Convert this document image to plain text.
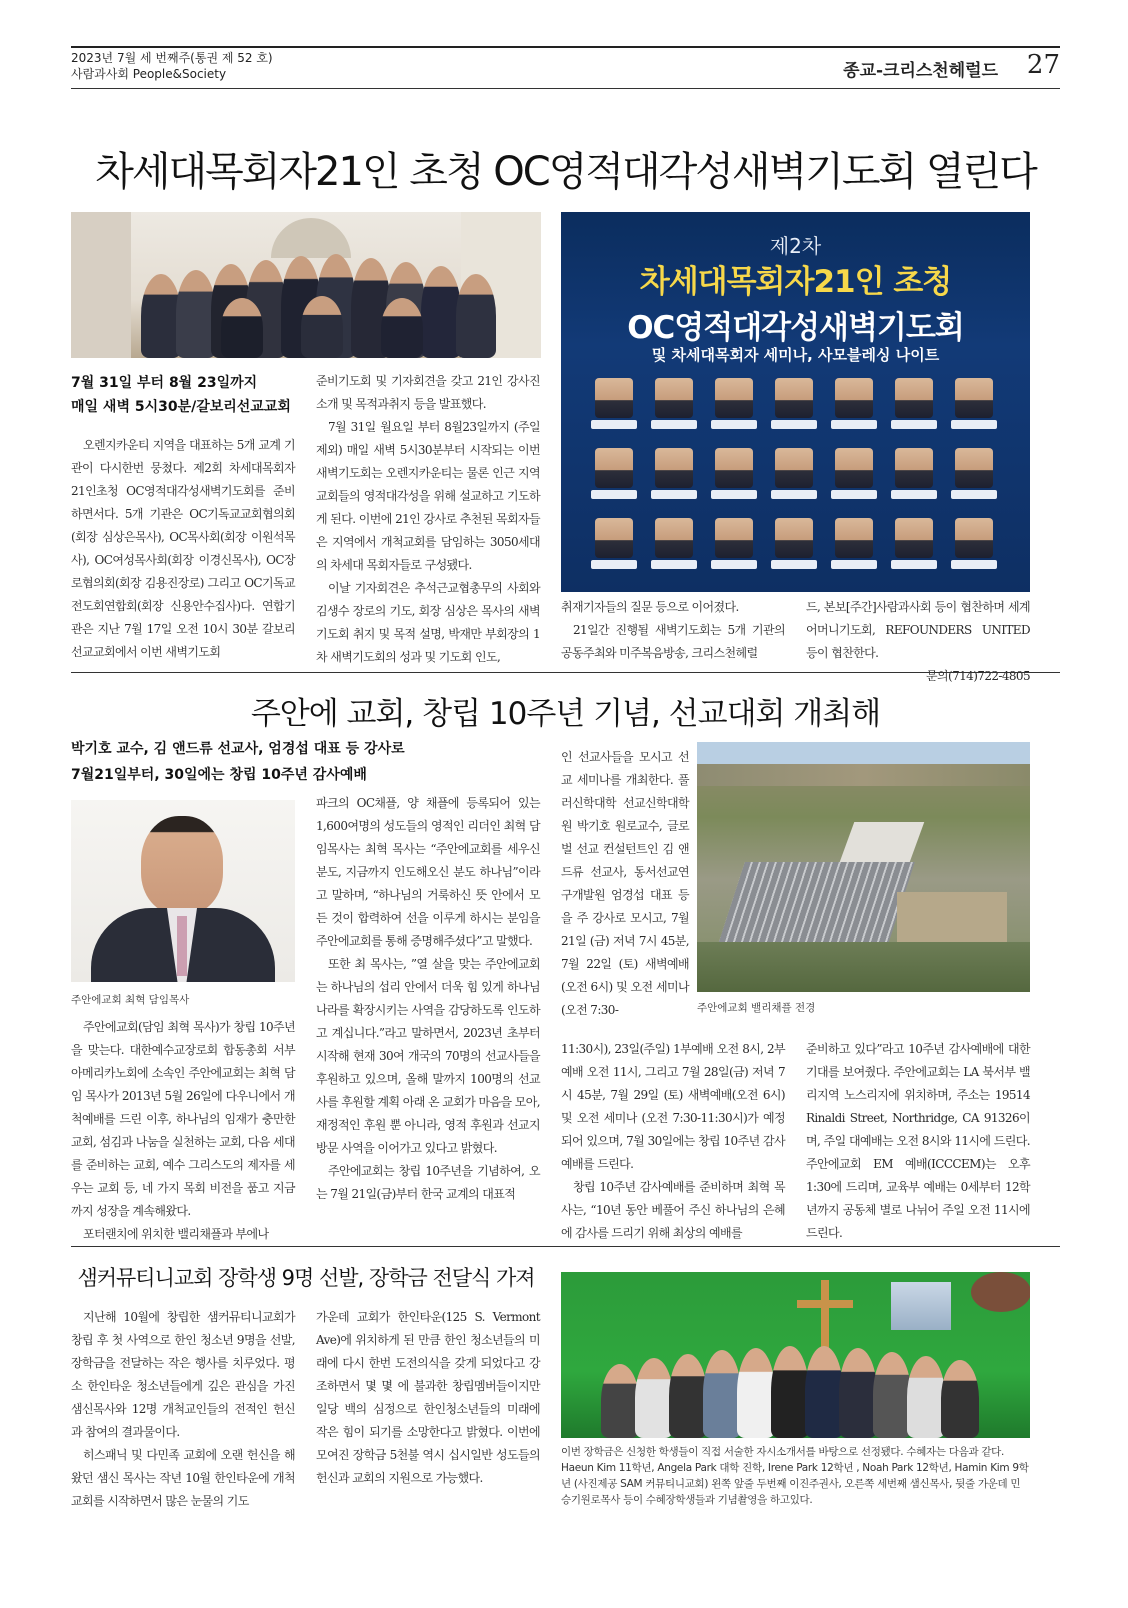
2023년 7월 세 번째주(통권 제 52 호)
사람과사회 People&Society	종교-크리스천헤럴드 27
차세대목회자21인 초청 OC영적대각성새벽기도회 열린다
7월 31일 부터 8월 23일까지
매일 새벽 5시30분/갈보리선교교회

오렌지카운티 지역을 대표하는 5개 교계 기관이 다시한번 뭉쳤다. 제2회 차세대목회자21인초청 OC영적대각성새벽기도회를 준비하면서다. 5개 기관은 OC기독교교회협의회(회장 심상은목사), OC목사회(회장 이원석목사), OC여성목사회(회장 이경신목사), OC장로협의회(회장 김용진장로) 그리고 OC기독교전도회연합회(회장 신용안수집사)다. 연합기관은 지난 7월 17일 오전 10시 30분 갈보리선교교회에서 이번 새벽기도회

준비기도회 및 기자회견을 갖고 21인 강사진 소개 및 목적과취지 등을 발표했다.

7월 31일 월요일 부터 8월23일까지 (주일 제외) 매일 새벽 5시30분부터 시작되는 이번 새벽기도회는 오렌지카운티는 물론 인근 지역 교회들의 영적대각성을 위해 설교하고 기도하게 된다. 이번에 21인 강사로 추천된 목회자들은 지역에서 개척교회를 담임하는 3050세대의 차세대 목회자들로 구성됐다.

이날 기자회견은 추석근교협총무의 사회와 김생수 장로의 기도, 회장 심상은 목사의 새벽기도회 취지 및 목적 설명, 박재만 부회장의 1차 새벽기도회의 성과 및 기도회 인도,

제2차
차세대목회자21인 초청
OC영적대각성새벽기도회
및 차세대목회자 세미나, 사모블레싱 나이트

취재기자들의 질문 등으로 이어졌다.

21일간 진행될 새벽기도회는 5개 기관의 공동주최와 미주복음방송, 크리스천헤럴

드, 본보[주간]사람과사회 등이 협찬하며 세계어머니기도회, REFOUNDERS UNITED 등이 협찬한다.

문의(714)722-4805

주안에 교회, 창립 10주년 기념, 선교대회 개최해
박기호 교수, 김 앤드류 선교사, 엄경섭 대표 등 강사로
7월21일부터, 30일에는 창립 10주년 감사예배
주안에교회 최혁 담임목사

주안에교회(담임 최혁 목사)가 창립 10주년을 맞는다. 대한예수교장로회 합동총회 서부아메리카노회에 소속인 주안에교회는 최혁 담임 목사가 2013년 5월 26일에 다우니에서 개척예배를 드린 이후, 하나님의 임재가 충만한 교회, 섬김과 나눔을 실천하는 교회, 다음 세대를 준비하는 교회, 예수 그리스도의 제자를 세우는 교회 등, 네 가지 목회 비전을 품고 지금까지 성장을 계속해왔다.

포터랜치에 위치한 밸리채플과 부에나

파크의 OC채플, 양 채플에 등록되어 있는 1,600여명의 성도들의 영적인 리더인 최혁 담임목사는 최혁 목사는 “주안에교회를 세우신 분도, 지금까지 인도해오신 분도 하나님”이라고 말하며, “하나님의 거룩하신 뜻 안에서 모든 것이 합력하여 선을 이루게 하시는 분임을 주안에교회를 통해 증명해주셨다”고 말했다.

또한 최 목사는, ”열 살을 맞는 주안에교회는 하나님의 섭리 안에서 더욱 힘 있게 하나님 나라를 확장시키는 사역을 감당하도록 인도하고 계십니다.”라고 말하면서, 2023년 초부터 시작해 현재 30여 개국의 70명의 선교사들을 후원하고 있으며, 올해 말까지 100명의 선교사를 후원할 계획 아래 온 교회가 마음을 모아, 재정적인 후원 뿐 아니라, 영적 후원과 선교지 방문 사역을 이어가고 있다고 밝혔다.

주안에교회는 창립 10주년을 기념하여, 오는 7월 21일(금)부터 한국 교계의 대표적

인 선교사들을 모시고 선교 세미나를 개최한다. 풀러신학대학 선교신학대학원 박기호 원로교수, 글로벌 선교 컨설턴트인 김 앤드류 선교사, 동서선교연구개발원 엄경섭 대표 등을 주 강사로 모시고, 7월 21일 (금) 저녁 7시 45분, 7월 22일 (토) 새벽예배(오전 6시) 및 오전 세미나 (오전 7:30-	주안에교회 밸리채플 전경

11:30시), 23일(주일) 1부예배 오전 8시, 2부예배 오전 11시, 그리고 7월 28일(금) 저녁 7시 45분, 7월 29일 (토) 새벽예배(오전 6시) 및 오전 세미나 (오전 7:30-11:30시)가 예정되어 있으며, 7월 30일에는 창립 10주년 감사예배를 드린다.

창립 10주년 감사예배를 준비하며 최혁 목사는, “10년 동안 베풀어 주신 하나님의 은혜에 감사를 드리기 위해 최상의 예배를

준비하고 있다”라고 10주년 감사예배에 대한 기대를 보여줬다. 주안에교회는 LA 북서부 밸리지역 노스리지에 위치하며, 주소는 19514 Rinaldi Street, Northridge, CA 91326이며, 주일 대예배는 오전 8시와 11시에 드린다. 주안에교회 EM 예배(ICCCEM)는 오후 1:30에 드리며, 교육부 예배는 0세부터 12학년까지 공동체 별로 나뉘어 주일 오전 11시에 드린다.

샘커뮤티니교회 장학생 9명 선발, 장학금 전달식 가져

지난해 10월에 창립한 샘커뮤티니교회가 창립 후 첫 사역으로 한인 청소년 9명을 선발, 장학금을 전달하는 작은 행사를 치루었다. 평소 한인타운 청소년들에게 깊은 관심을 가진 샘신목사와 12명 개척교인들의 전적인 헌신과 참여의 결과물이다.

히스패닉 및 다민족 교회에 오랜 헌신을 해 왔던 샘신 목사는 작년 10월 한인타운에 개척교회를 시작하면서 많은 눈물의 기도

가운데 교회가 한인타운(125 S. Vermont Ave)에 위치하게 된 만큼 한인 청소년들의 미래에 다시 한번 도전의식을 갖게 되었다고 강조하면서 몇 몇 에 불과한 창립멤버들이지만 일당 백의 심정으로 한인청소년들의 미래에 작은 힘이 되기를 소망한다고 밝혔다. 이번에 모여진 장학금 5천불 역시 십시일반 성도들의 헌신과 교회의 지원으로 가능했다.

이번 장학금은 신청한 학생들이 직접 서술한 자시소개서를 바탕으로 선정됐다. 수혜자는 다음과 같다. Haeun Kim 11학년, Angela Park 대학 진학, Irene Park 12학년 , Noah Park 12학년, Hamin Kim 9학년 (사진제공 SAM 커뮤티니교회) 왼쪽 앞줄 두번째 이진주권사, 오른쪽 세번째 샘신목사, 뒷줄 가운데 민승기원로목사 등이 수혜장학생들과 기념촬영을 하고있다.
